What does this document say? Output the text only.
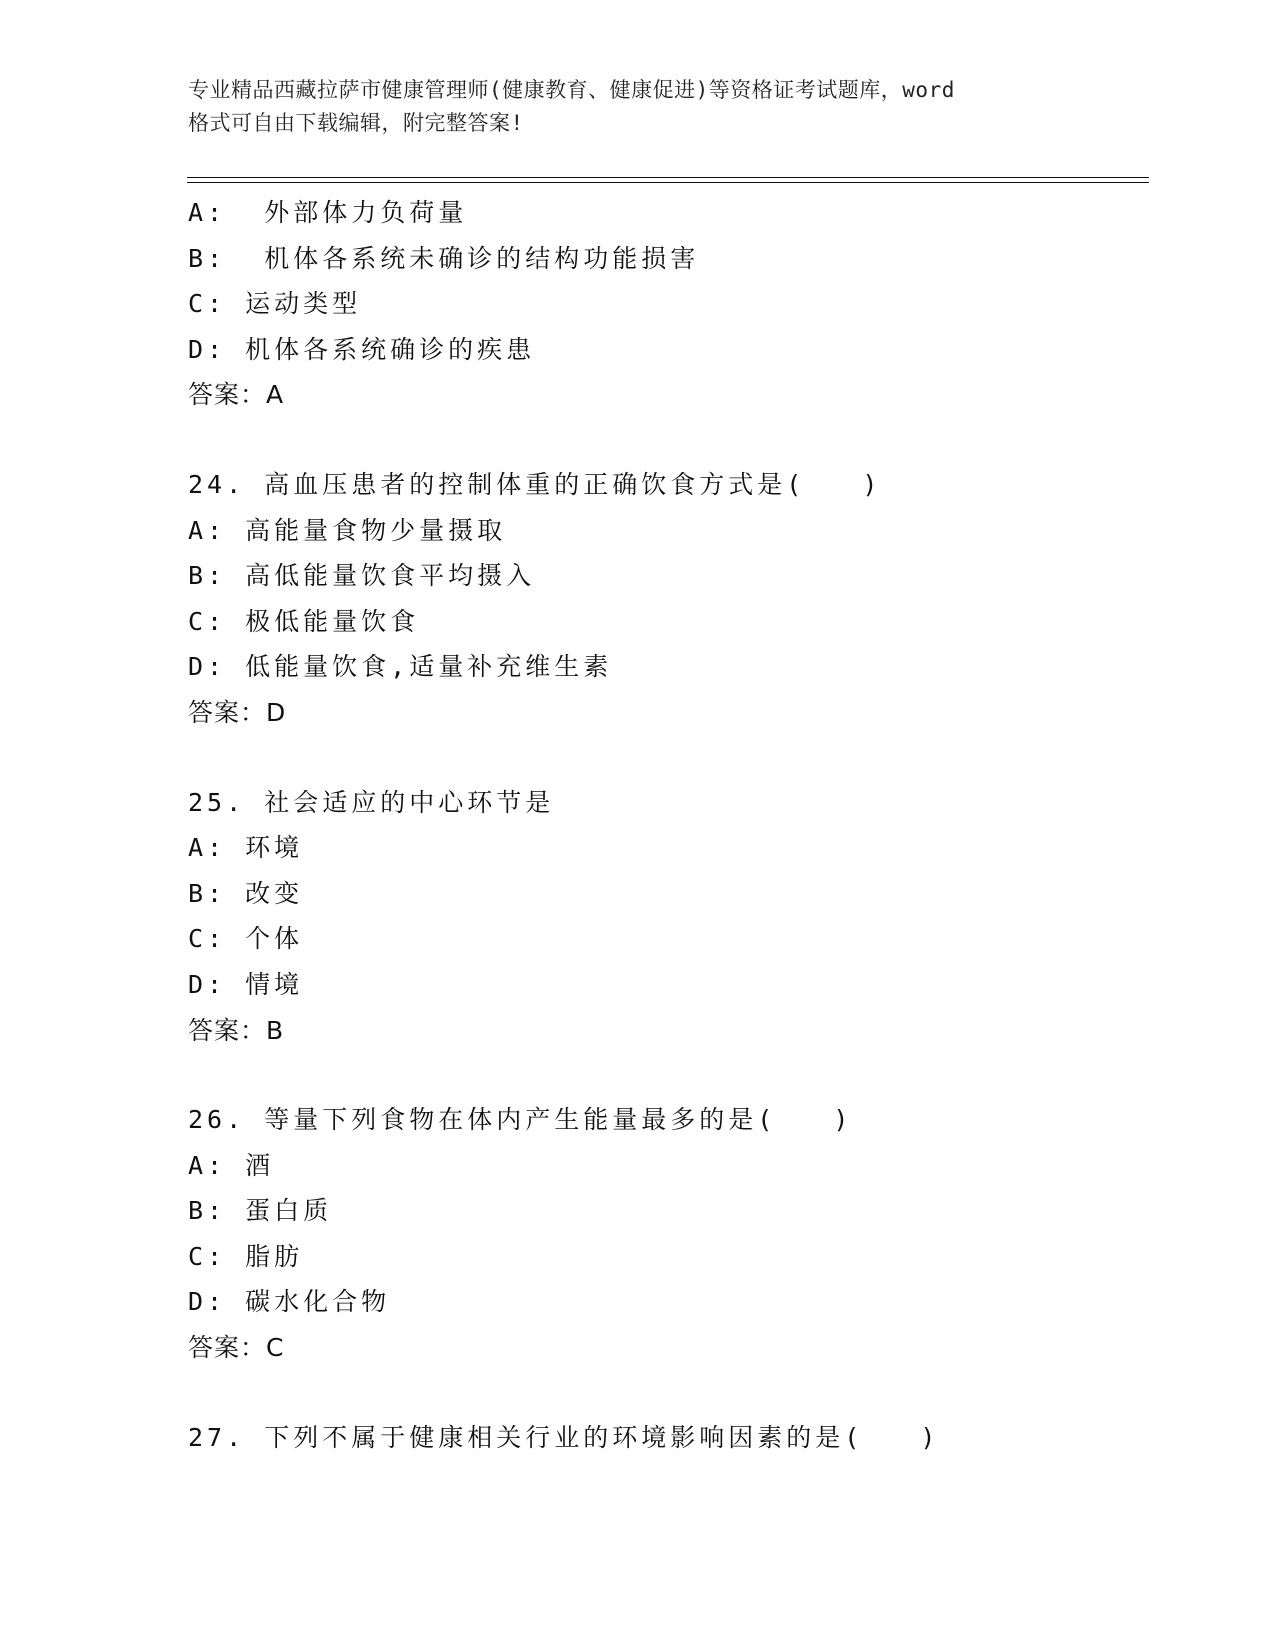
专业精品西藏拉萨市健康管理师(健康教育、健康促进)等资格证考试题库，word
格式可自由下载编辑，附完整答案!
A:  外部体力负荷量
B:  机体各系统未确诊的结构功能损害
C: 运动类型
D: 机体各系统确诊的疾患
答案：A
24. 高血压患者的控制体重的正确饮食方式是(   )
A: 高能量食物少量摄取
B: 高低能量饮食平均摄入
C: 极低能量饮食
D: 低能量饮食,适量补充维生素
答案：D
25. 社会适应的中心环节是
A: 环境
B: 改变
C: 个体
D: 情境
答案：B
26. 等量下列食物在体内产生能量最多的是(   )
A: 酒
B: 蛋白质
C: 脂肪
D: 碳水化合物
答案：C
27. 下列不属于健康相关行业的环境影响因素的是(   )
